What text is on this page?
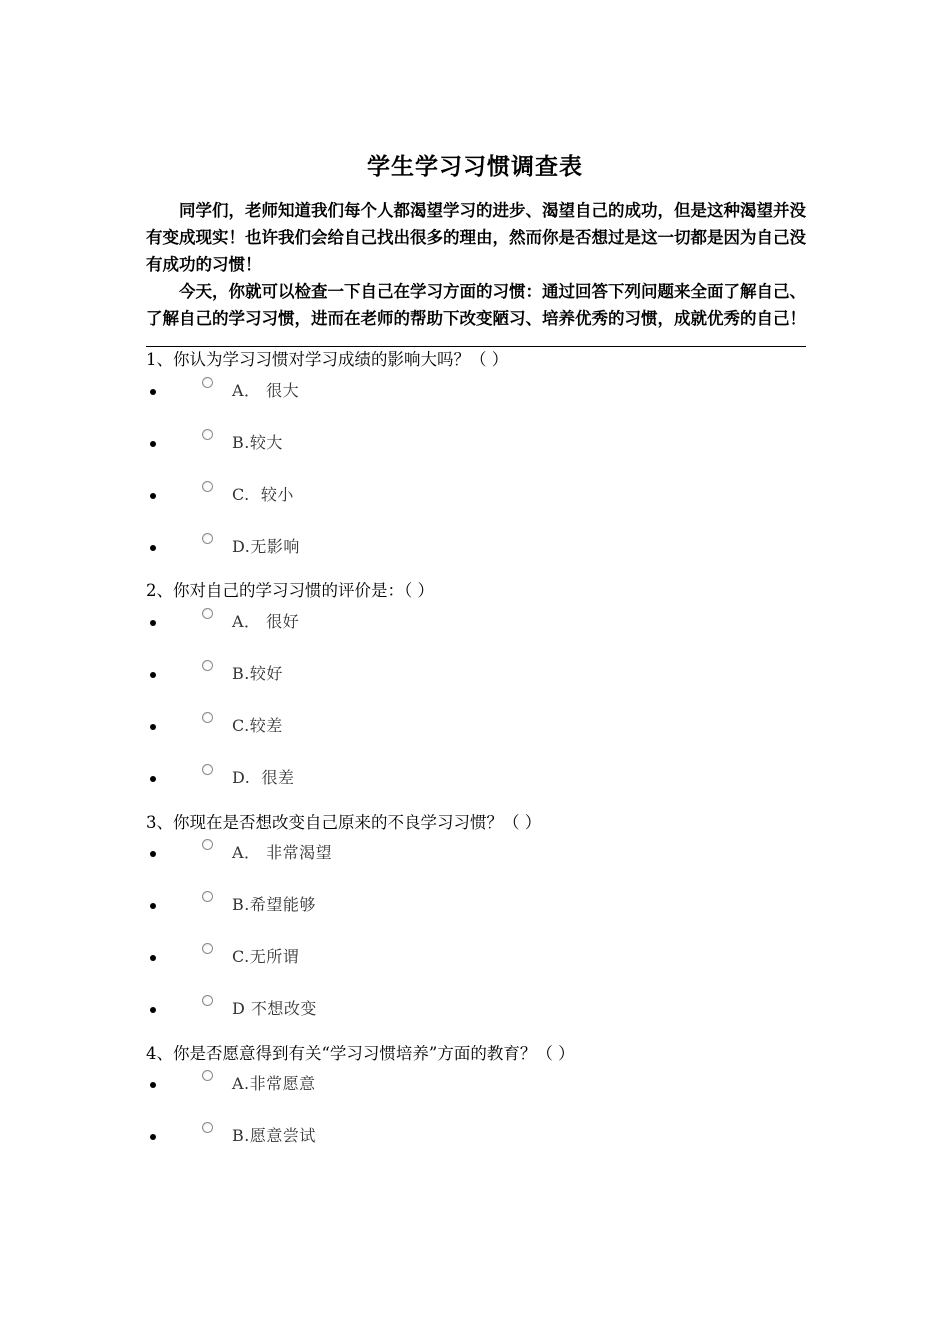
学生学习习惯调查表

同学们，老师知道我们每个人都渴望学习的进步、渴望自己的成功，但是这种渴望并没有变成现实！也许我们会给自己找出很多的理由，然而你是否想过是这一切都是因为自己没有成功的习惯！

今天，你就可以检查一下自己在学习方面的习惯：通过回答下列问题来全面了解自己、了解自己的学习习惯，进而在老师的帮助下改变陋习、培养优秀的习惯，成就优秀的自己！

1、你认为学习习惯对学习成绩的影响大吗？（ ）
A． 很大
B.较大
C.  较小
D.无影响
2、你对自己的学习习惯的评价是：（ ）
A． 很好
B.较好
C.较差
D.  很差
3、你现在是否想改变自己原来的不良学习习惯？（ ）
A． 非常渴望
B.希望能够
C.无所谓
D 不想改变
4、你是否愿意得到有关“学习习惯培养”方面的教育？（ ）
A.非常愿意
B.愿意尝试
